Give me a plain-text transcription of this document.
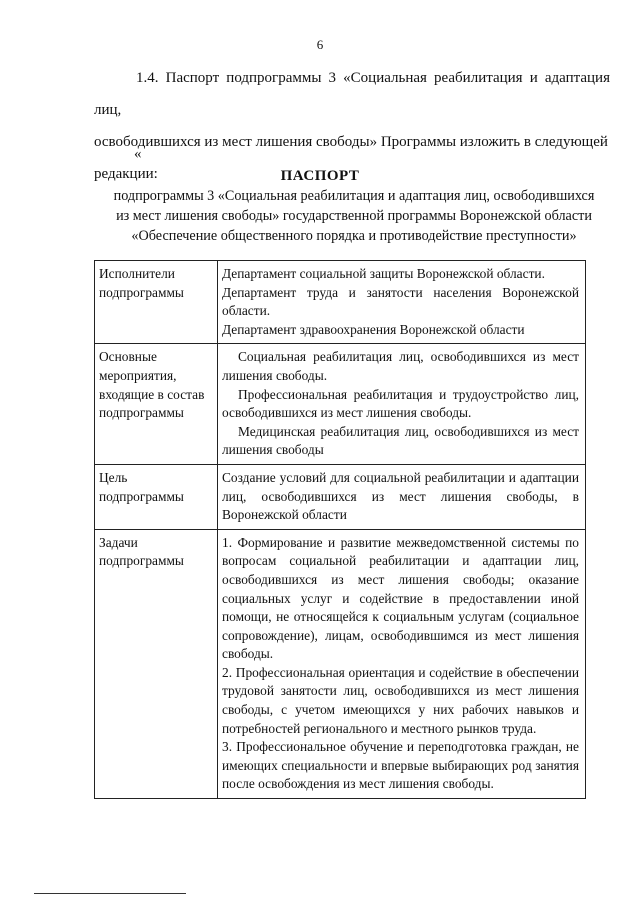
6
1.4. Паспорт подпрограммы 3 «Социальная реабилитация и адаптация лиц,
освободившихся из мест лишения свободы» Программы изложить в следующей
редакции:
«
ПАСПОРТ
подпрограммы 3 «Социальная реабилитация и адаптация лиц, освободившихся
из мест лишения свободы» государственной программы Воронежской области
«Обеспечение общественного порядка и противодействие преступности»
Исполнители подпрограммы	Департамент социальной защиты Воронежской области.

Департамент труда и занятости населения Воронежской области.

Департамент здравоохранения Воронежской области

Основные мероприятия, входящие в состав подпрограммы	Социальная реабилитация лиц, освободившихся из мест лишения свободы.

Профессиональная реабилитация и трудоустройство лиц, освободившихся из мест лишения свободы.

Медицинская реабилитация лиц, освободившихся из мест лишения свободы

Цель подпрограммы	Создание условий для социальной реабилитации и адаптации лиц, освободившихся из мест лишения свободы, в Воронежской области

Задачи подпрограммы	1. Формирование и развитие межведомственной системы по вопросам социальной реабилитации и адаптации лиц, освободившихся из мест лишения свободы; оказание социальных услуг и содействие в предоставлении иной помощи, не относящейся к социальным услугам (социальное сопровождение), лицам, освободившимся из мест лишения свободы.

2. Профессиональная ориентация и содействие в обеспечении трудовой занятости лиц, освободившихся из мест лишения свободы, с учетом имеющихся у них рабочих навыков и потребностей регионального и местного рынков труда.

3. Профессиональное обучение и переподготовка граждан, не имеющих специальности и впервые выбирающих род занятия после освобождения из мест лишения свободы.
